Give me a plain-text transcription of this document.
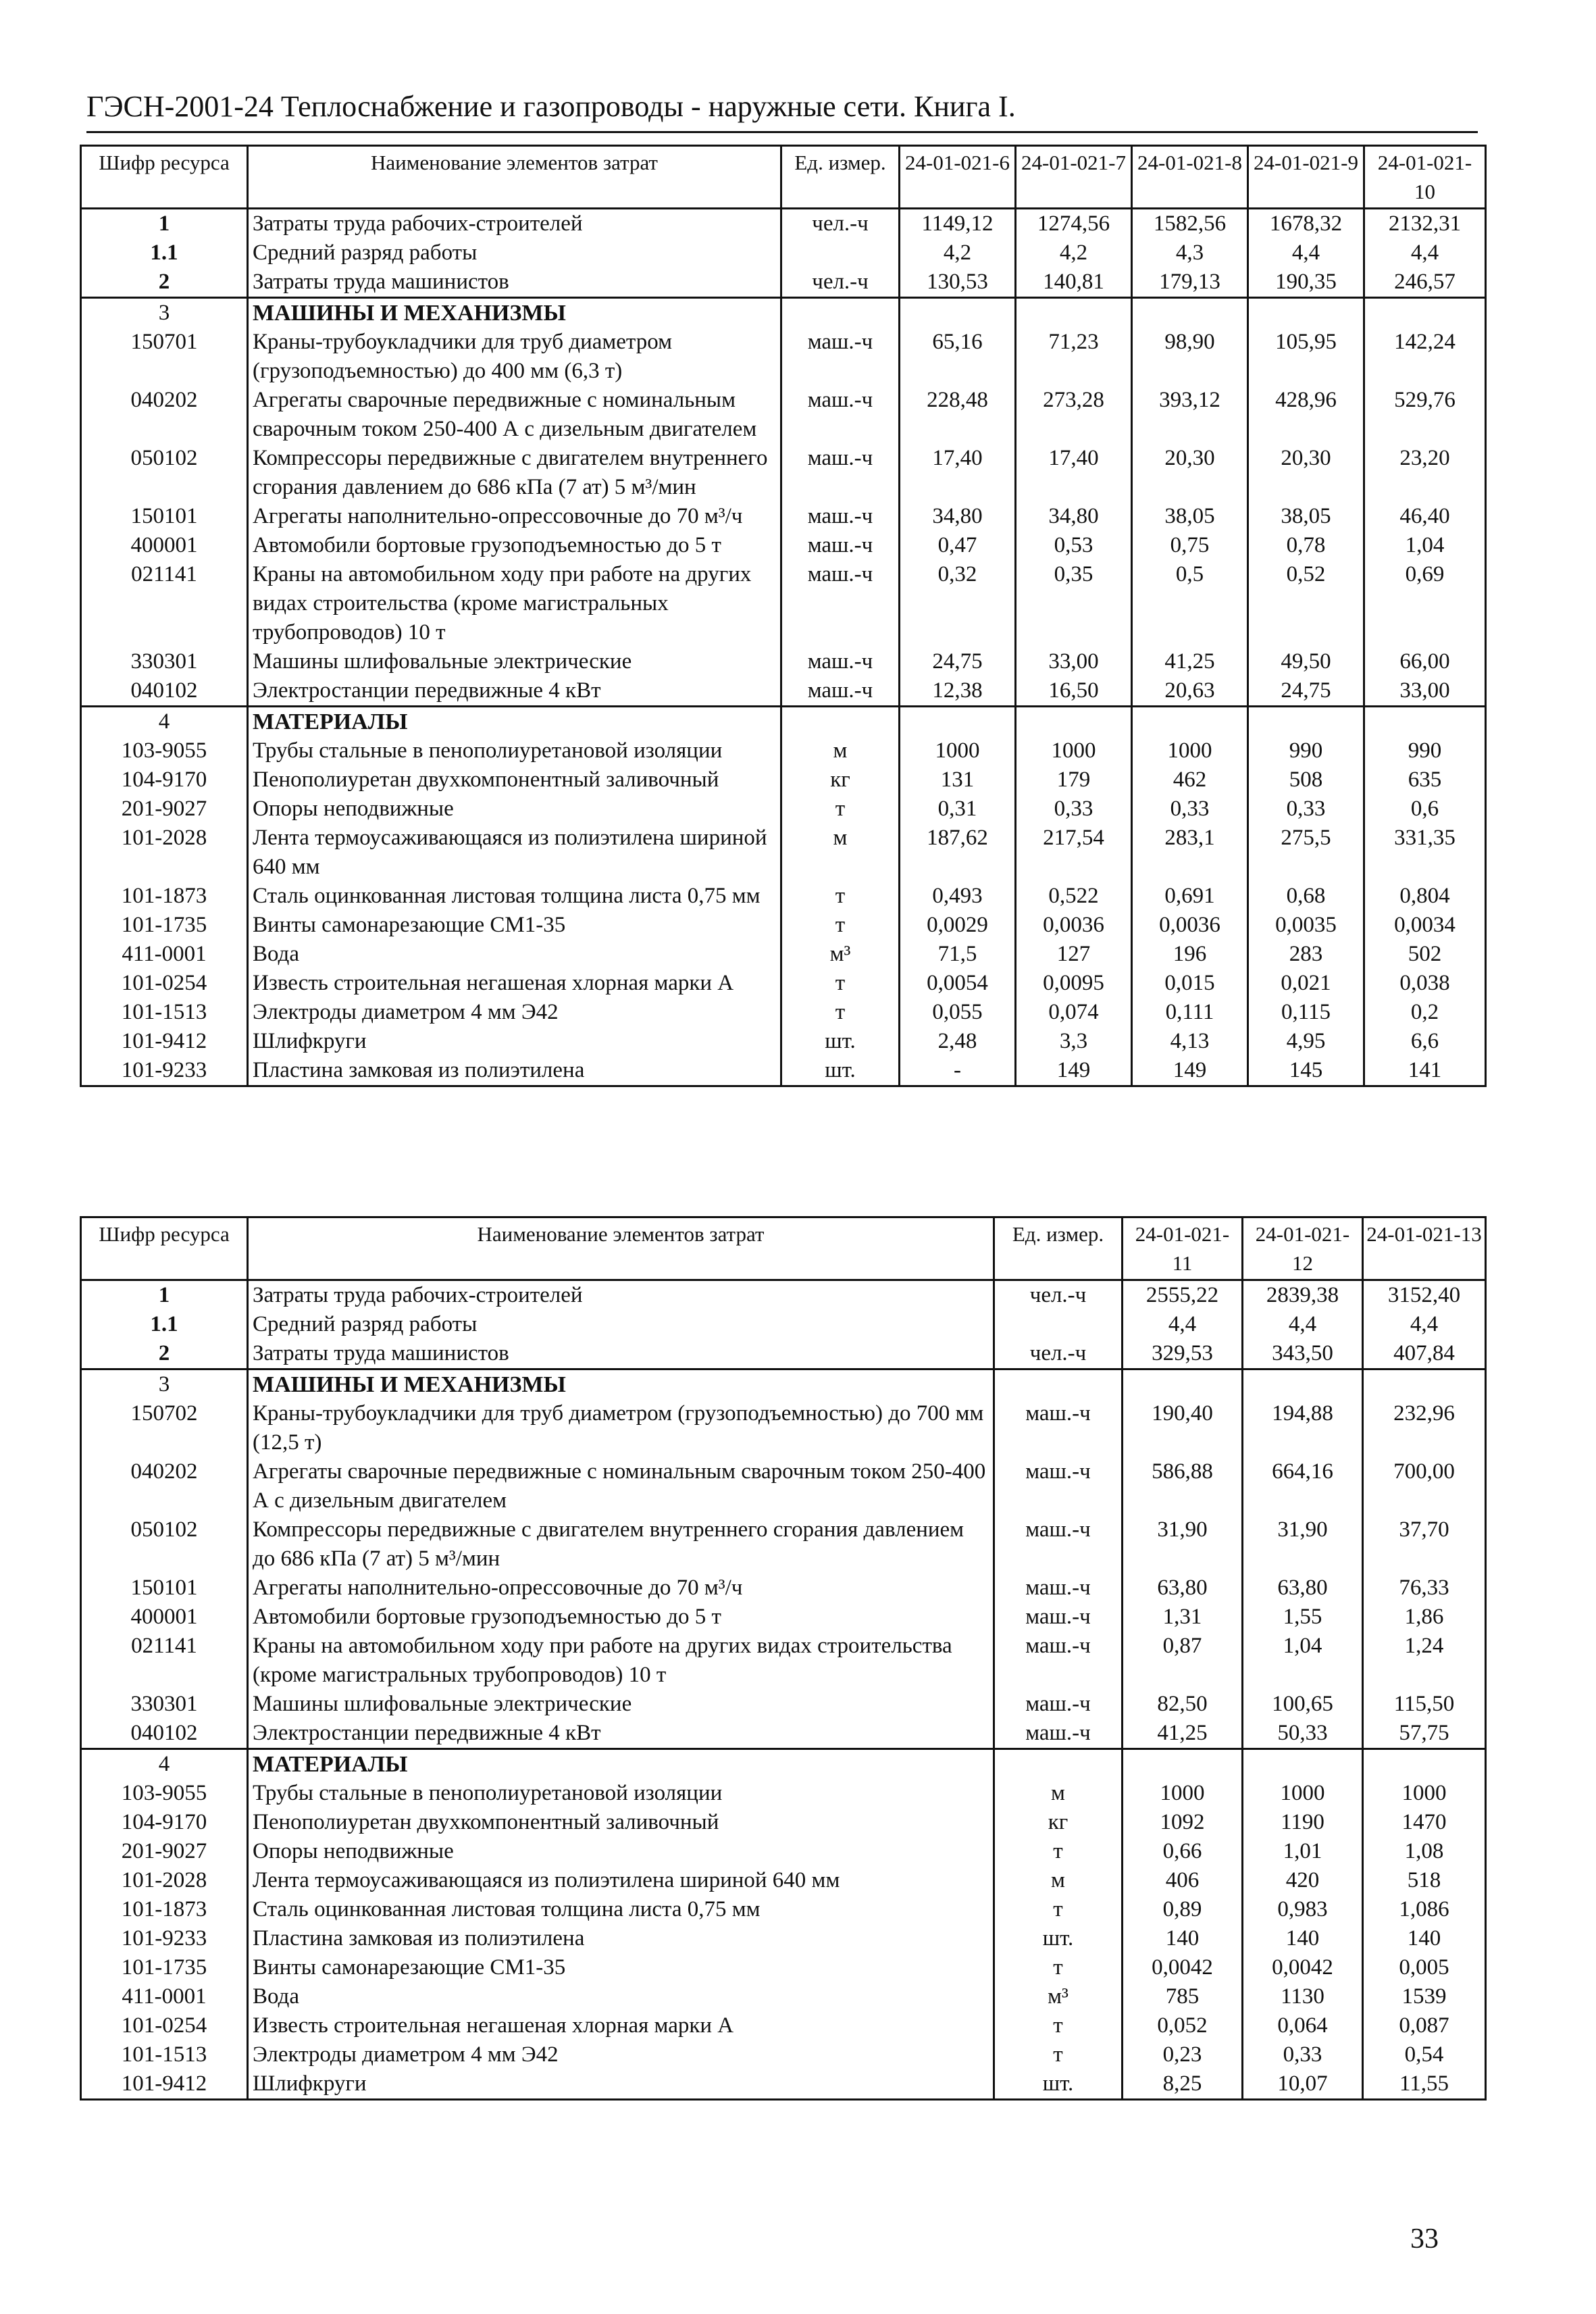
ГЭСН-2001-24 Теплоснабжение и газопроводы - наружные сети. Книга I.
Шифр ресурса	Наименование элементов затрат	Ед. измер.	24-01-021-6	24-01-021-7	24-01-021-8	24-01-021-9	24-01-021-10
1	Затраты труда рабочих-строителей	чел.-ч	1149,12	1274,56	1582,56	1678,32	2132,31
1.1	Средний разряд работы		4,2	4,2	4,3	4,4	4,4
2	Затраты труда машинистов	чел.-ч	130,53	140,81	179,13	190,35	246,57
3	МАШИНЫ И МЕХАНИЗМЫ						
150701	Краны-трубоукладчики для труб диаметром (грузоподъемностью) до 400 мм (6,3 т)	маш.-ч	65,16	71,23	98,90	105,95	142,24
040202	Агрегаты сварочные передвижные с номинальным сварочным током 250-400 А с дизельным двигателем	маш.-ч	228,48	273,28	393,12	428,96	529,76
050102	Компрессоры передвижные с двигателем внутреннего сгорания давлением до 686 кПа (7 ат) 5 м³/мин	маш.-ч	17,40	17,40	20,30	20,30	23,20
150101	Агрегаты наполнительно-опрессовочные до 70 м³/ч	маш.-ч	34,80	34,80	38,05	38,05	46,40
400001	Автомобили бортовые грузоподъемностью до 5 т	маш.-ч	0,47	0,53	0,75	0,78	1,04
021141	Краны на автомобильном ходу при работе на других видах строительства (кроме магистральных трубопроводов) 10 т	маш.-ч	0,32	0,35	0,5	0,52	0,69
330301	Машины шлифовальные электрические	маш.-ч	24,75	33,00	41,25	49,50	66,00
040102	Электростанции передвижные 4 кВт	маш.-ч	12,38	16,50	20,63	24,75	33,00
4	МАТЕРИАЛЫ						
103-9055	Трубы стальные в пенополиуретановой изоляции	м	1000	1000	1000	990	990
104-9170	Пенополиуретан двухкомпонентный заливочный	кг	131	179	462	508	635
201-9027	Опоры неподвижные	т	0,31	0,33	0,33	0,33	0,6
101-2028	Лента термоусаживающаяся из полиэтилена шириной 640 мм	м	187,62	217,54	283,1	275,5	331,35
101-1873	Сталь оцинкованная листовая толщина листа 0,75 мм	т	0,493	0,522	0,691	0,68	0,804
101-1735	Винты самонарезающие СМ1-35	т	0,0029	0,0036	0,0036	0,0035	0,0034
411-0001	Вода	м³	71,5	127	196	283	502
101-0254	Известь строительная негашеная хлорная марки А	т	0,0054	0,0095	0,015	0,021	0,038
101-1513	Электроды диаметром 4 мм Э42	т	0,055	0,074	0,111	0,115	0,2
101-9412	Шлифкруги	шт.	2,48	3,3	4,13	4,95	6,6
101-9233	Пластина замковая из полиэтилена	шт.	-	149	149	145	141
Шифр ресурса	Наименование элементов затрат	Ед. измер.	24-01-021-11	24-01-021-12	24-01-021-13
1	Затраты труда рабочих-строителей	чел.-ч	2555,22	2839,38	3152,40
1.1	Средний разряд работы		4,4	4,4	4,4
2	Затраты труда машинистов	чел.-ч	329,53	343,50	407,84
3	МАШИНЫ И МЕХАНИЗМЫ				
150702	Краны-трубоукладчики для труб диаметром (грузоподъемностью) до 700 мм (12,5 т)	маш.-ч	190,40	194,88	232,96
040202	Агрегаты сварочные передвижные с номинальным сварочным током 250-400 А с дизельным двигателем	маш.-ч	586,88	664,16	700,00
050102	Компрессоры передвижные с двигателем внутреннего сгорания давлением до 686 кПа (7 ат) 5 м³/мин	маш.-ч	31,90	31,90	37,70
150101	Агрегаты наполнительно-опрессовочные до 70 м³/ч	маш.-ч	63,80	63,80	76,33
400001	Автомобили бортовые грузоподъемностью до 5 т	маш.-ч	1,31	1,55	1,86
021141	Краны на автомобильном ходу при работе на других видах строительства (кроме магистральных трубопроводов) 10 т	маш.-ч	0,87	1,04	1,24
330301	Машины шлифовальные электрические	маш.-ч	82,50	100,65	115,50
040102	Электростанции передвижные 4 кВт	маш.-ч	41,25	50,33	57,75
4	МАТЕРИАЛЫ				
103-9055	Трубы стальные в пенополиуретановой изоляции	м	1000	1000	1000
104-9170	Пенополиуретан двухкомпонентный заливочный	кг	1092	1190	1470
201-9027	Опоры неподвижные	т	0,66	1,01	1,08
101-2028	Лента термоусаживающаяся из полиэтилена шириной 640 мм	м	406	420	518
101-1873	Сталь оцинкованная листовая толщина листа 0,75 мм	т	0,89	0,983	1,086
101-9233	Пластина замковая из полиэтилена	шт.	140	140	140
101-1735	Винты самонарезающие СМ1-35	т	0,0042	0,0042	0,005
411-0001	Вода	м³	785	1130	1539
101-0254	Известь строительная негашеная хлорная марки А	т	0,052	0,064	0,087
101-1513	Электроды диаметром 4 мм Э42	т	0,23	0,33	0,54
101-9412	Шлифкруги	шт.	8,25	10,07	11,55
33
